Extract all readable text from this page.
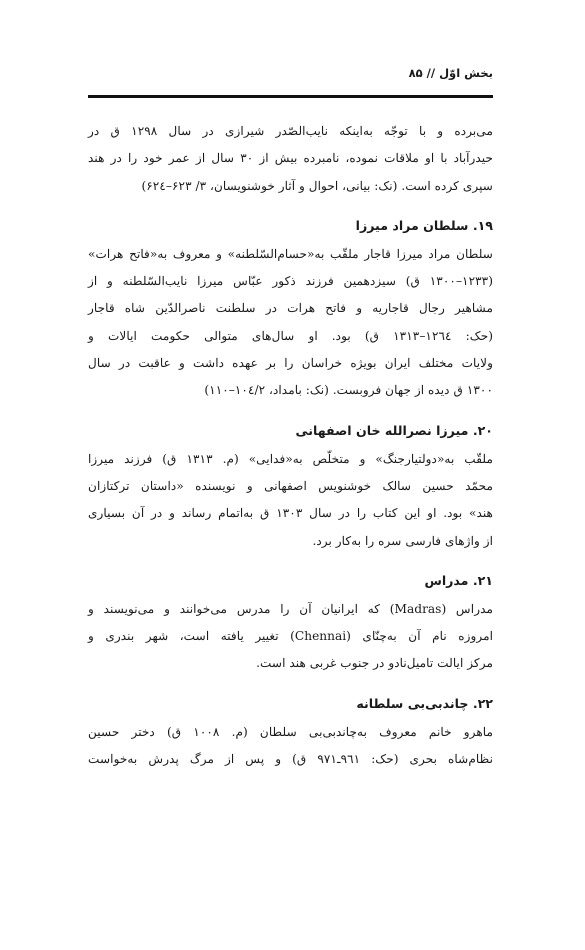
بخش اوّل // ۸۵

می‌برده و با توجّه به‌اینکه نایب‌الصّدر شیرازی در سال ۱۲۹۸ ق در

حیدرآباد با او ملاقات نموده، نامبرده بیش از ۳۰ سال از عمر خود را در هند

سپری کرده است. (نک: بیانی، احوال و آثار خوشنویسان، ۳/ ۶۲۳–۶۲٤)

۱۹. سلطان مراد میرزا

سلطان مراد میرزا قاجار ملقّب به«حسام‌السّلطنه» و معروف به«فاتح هرات»

(۱۲۳۳–۱۳۰۰ ق) سیزدهمین فرزند ذکور عبّاس میرزا نایب‌السّلطنه و از

مشاهیر رجال قاجاریه و فاتح هرات در سلطنت ناصرالدّین شاه قاجار

(حک: ۱۲٦٤–۱۳۱۳ ق) بود. او سال‌های متوالی حکومت ایالات و

ولایات مختلف ایران بویژه خراسان را بر عهده داشت و عاقبت در سال

۱۳۰۰ ق دیده از جهان فروبست. (نک: بامداد، ۱۰٤/۲–۱۱۰)

۲۰. میرزا نصرالله خان اصفهانی

ملقّب به«دولتیارجنگ» و متخلّص به«فدایی» (م. ۱۳۱۳ ق) فرزند میرزا

محمّد حسین سالک خوشنویس اصفهانی و نویسنده «داستان ترکتازان

هند» بود. او این کتاب را در سال ۱۳۰۳ ق به‌اتمام رساند و در آن بسیاری

از واژهای فارسی سره را به‌کار برد.

۲۱. مدراس

مدراس (Madras) که ایرانیان آن را مدرس می‌خوانند و می‌نویسند و

امروزه نام آن به‌چنّای (Chennai) تغییر یافته است، شهر بندری و

مرکز ایالت تامیل‌نادو در جنوب غربی هند است.

۲۲. چاندبی‌بی سلطانه

ماهرو خانم معروف به‌چاندبی‌بی سلطان (م. ۱۰۰۸ ق) دختر حسین

نظام‌شاه بحری (حک: ۹٦۱ـ۹۷۱ ق) و پس از مرگ پدرش به‌خواست
